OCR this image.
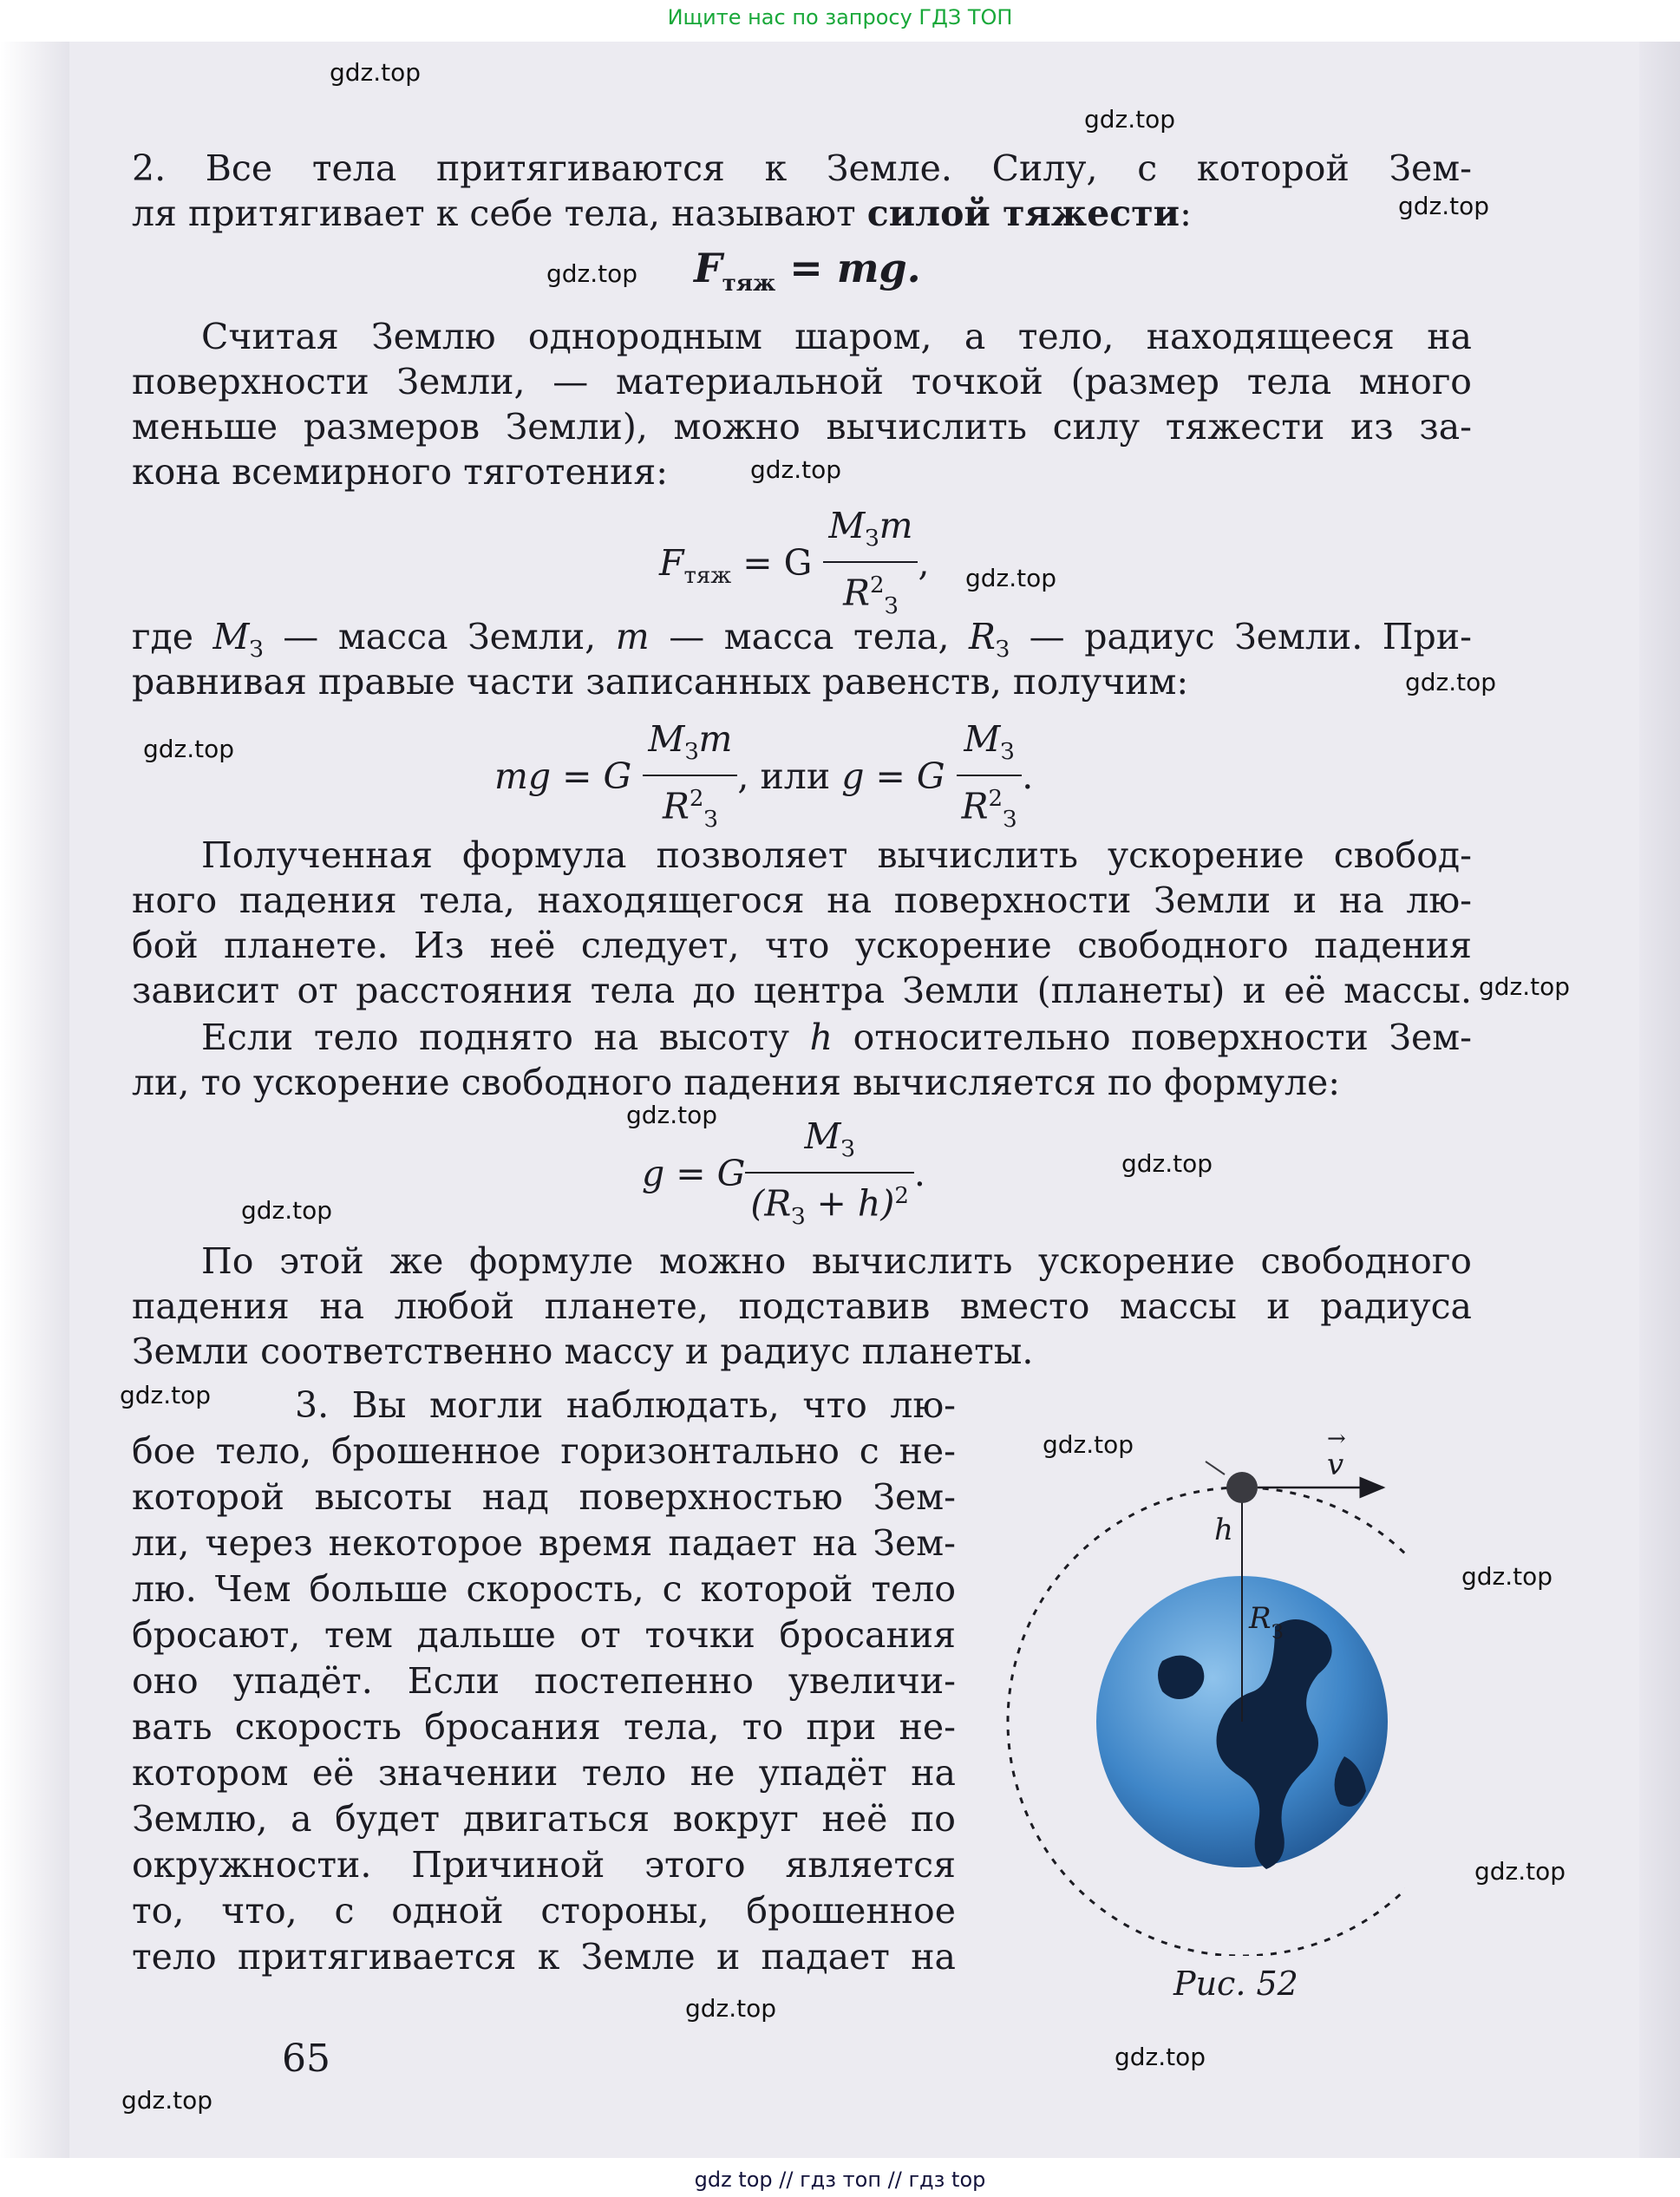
Ищите нас по запросу ГДЗ ТОП
2. Все тела притягиваются к Земле. Силу, с которой Зем-
ля притягивает к себе тела, называют силой тяжести:
$F_{тяж}$ = mg.
Считая Землю однородным шаром, а тело, находящееся на
поверхности Земли, — материальной точкой (размер тела много
меньше размеров Земли), можно вычислить силу тяжести из за-
кона всемирного тяготения:
$F_{тяж} = G \frac{M_Зm}{R^2_З}$ ,
где $M_З$ — масса Земли, m — масса тела, $R_З$ — радиус Земли. При-
равнивая правые части записанных равенств, получим:
mg = G $\frac{M_Зm}{R^2_З}$ , или g = G $\frac{M_З}{R^2_З}$ .
Полученная формула позволяет вычислить ускорение свобод-
ного падения тела, находящегося на поверхности Земли и на лю-
бой планете. Из неё следует, что ускорение свободного падения
зависит от расстояния тела до центра Земли (планеты) и её массы.
Если тело поднято на высоту h относительно поверхности Зем-
ли, то ускорение свободного падения вычисляется по формуле:
g = G $\frac{M_З}{(R_З + h)^2}$ .
По этой же формуле можно вычислить ускорение свободного
падения на любой планете, подставив вместо массы и радиуса
Земли соответственно массу и радиус планеты.
3. Вы могли наблюдать, что лю-
бое тело, брошенное горизонтально с не-
которой высоты над поверхностью Зем-
ли, через некоторое время падает на Зем-
лю. Чем больше скорость, с которой тело
бросают, тем дальше от точки бросания
оно упадёт. Если постепенно увеличи-
вать скорость бросания тела, то при не-
котором её значении тело не упадёт на
Землю, а будет двигаться вокруг неё по
окружности. Причиной этого является
то, что, с одной стороны, брошенное
тело притягивается к Земле и падает на
v
→
h
R З
Рис. 52
65
gdz.top
gdz.top
gdz.top
gdz.top
gdz.top
gdz.top
gdz.top
gdz.top
gdz.top
gdz.top
gdz.top
gdz.top
gdz.top
gdz.top
gdz.top
gdz.top
gdz.top
gdz.top
gdz.top
gdz top // гдз топ // гдз top
